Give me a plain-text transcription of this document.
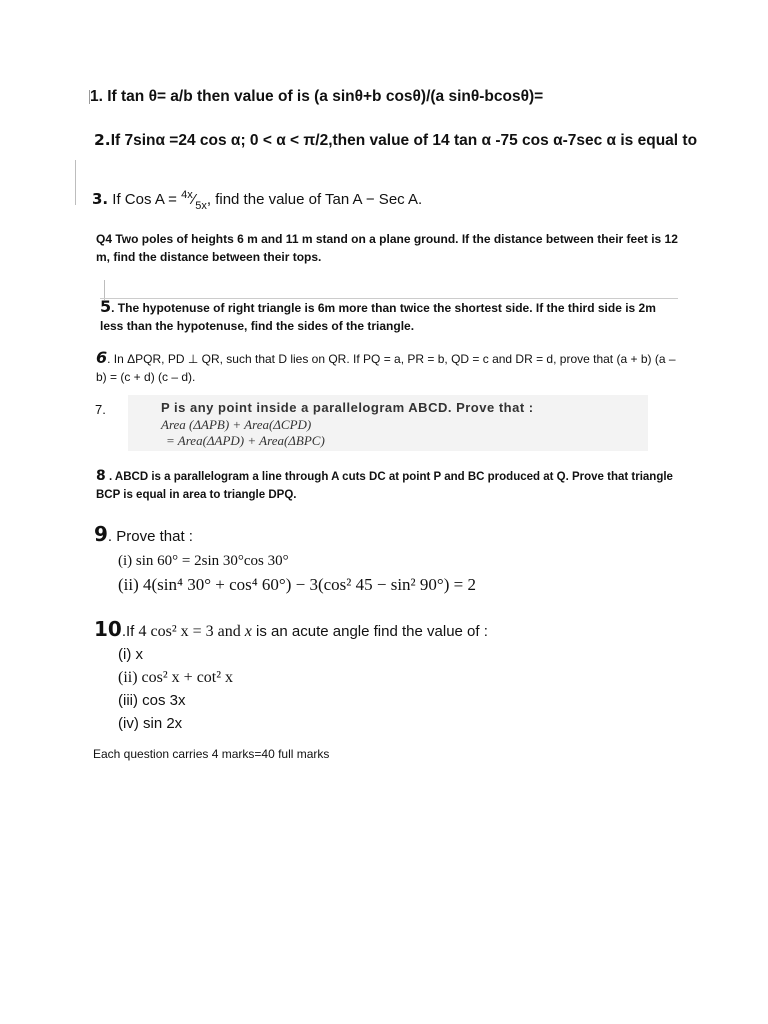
1. If tan θ= a/b then value of is (a sinθ+b cosθ)/(a sinθ-bcosθ)=
2.If 7sinα =24 cos α; 0 < α < π/2,then value of 14 tan α -75 cos α-7sec α is equal to
3. If Cos $A = ^{4x}⁄_{5x}$, find the value of Tan A − Sec A.
Q4 Two poles of heights 6 m and 11 m stand on a plane ground. If the distance between their feet is 12 m, find the distance between their tops.
5. The hypotenuse of right triangle is 6m more than twice the shortest side. If the third side is 2m less than the hypotenuse, find the sides of the triangle.
6. In ΔPQR, PD ⊥ QR, such that D lies on QR. If PQ = a, PR = b, QD = c and DR = d, prove that (a + b) (a – b) = (c + d) (c – d).
7.	P is any point inside a parallelogram ABCD. Prove that :
Area (ΔAPB) + Area(ΔCPD)
= Area(ΔAPD) + Area(ΔBPC)
8 . ABCD is a parallelogram a line through A cuts DC at point P and BC produced at Q. Prove that triangle BCP is equal in area to triangle DPQ.
9. Prove that :
(i) sin 60° = 2sin 30°cos 30°
(ii) 4(sin⁴ 30° + cos⁴ 60°) − 3(cos² 45 − sin² 90°) = 2
10.If 4 cos² x = 3 and x is an acute angle find the value of :
(i) x
(ii) cos² x + cot² x
(iii) cos 3x
(iv) sin 2x
Each question carries 4 marks=40 full marks
